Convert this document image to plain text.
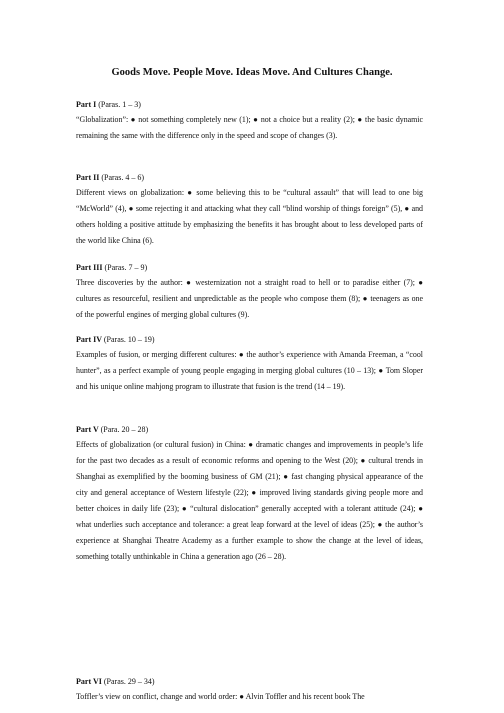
Goods Move. People Move. Ideas Move. And Cultures Change.
Part I (Paras. 1 – 3)
“Globalization”: ● not something completely new (1); ● not a choice but a reality (2); ● the basic dynamic remaining the same with the difference only in the speed and scope of changes (3).
Part II (Paras. 4 – 6)
Different views on globalization: ● some believing this to be “cultural assault” that will lead to one big “McWorld” (4), ● some rejecting it and attacking what they call “blind worship of things foreign” (5), ● and others holding a positive attitude by emphasizing the benefits it has brought about to less developed parts of the world like China (6).
Part III (Paras. 7 – 9)
Three discoveries by the author: ● westernization not a straight road to hell or to paradise either (7); ● cultures as resourceful, resilient and unpredictable as the people who compose them (8); ● teenagers as one of the powerful engines of merging global cultures (9).
Part IV (Paras. 10 – 19)
Examples of fusion, or merging different cultures: ● the author’s experience with Amanda Freeman, a “cool hunter”, as a perfect example of young people engaging in merging global cultures (10 – 13); ● Tom Sloper and his unique online mahjong program to illustrate that fusion is the trend (14 – 19).
Part V (Para. 20 – 28)
Effects of globalization (or cultural fusion) in China: ● dramatic changes and improvements in people’s life for the past two decades as a result of economic reforms and opening to the West (20); ● cultural trends in Shanghai as exemplified by the booming business of GM (21); ● fast changing physical appearance of the city and general acceptance of Western lifestyle (22); ● improved living standards giving people more and better choices in daily life (23); ● “cultural dislocation” generally accepted with a tolerant attitude (24); ● what underlies such acceptance and tolerance: a great leap forward at the level of ideas (25); ● the author’s experience at Shanghai Theatre Academy as a further example to show the change at the level of ideas, something totally unthinkable in China a generation ago (26 – 28).
Part VI (Paras. 29 – 34)
Toffler’s view on conflict, change and world order: ● Alvin Toffler and his recent book The
